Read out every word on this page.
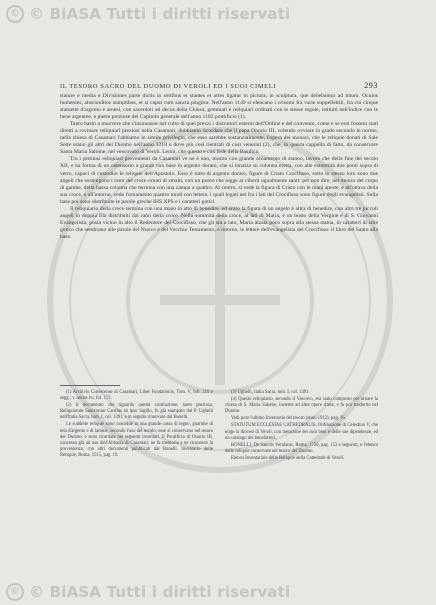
© © BiASA Tutti i diritti riservati
IL TESORO SACRO DEL DUOMO DI VEROLI ED I SUOI CIMELI	293

stature e media e Divisiones parte dictis in sertibus et stantes et artes ligatur in pictura, in sculptura, que debebantur ad imum. Oculos humentes, absconditos sumptibus, et si caput cum sancta pingitur. Nell'anno 1149 si elencano i crisomi fra varie suppellettili, fra cui cinque statuette d'argento e arnesi, con sacerdoti ad decus della Chiesa, gemmati e reliquiarî ordinati con le stesse regole, istituiti nell'indice con le bene argentee, e pietre preziose del Capitolo generale dell'anno 1182 pontificio (1).

Tanto bastò a muovere che s'insinuasse nel culto di quei prezzi i distruttori esterni dell'Ordine e del convento, come e se essi fossero stati diretti a rovinare reliquiarî preziosi nella Casamari, dobbiamo ricordare che il papa Onorio III, volendo ovviare in grado secondo le norme, nella chiesa di Casamari l'abbiamo in simile privilegio, che esso sarebbe sostanzialmente, l'opera dei monaci, che le reliquie donati di Sale Sette erano gli altri del Duomo nell'anno 1218 o dove più così rientrati di così venerati (2), che, in questa cappella di fatto, da conservare Santa Maria Salome, nel vescovato di Veroli. Leoni, che questo e con fede della Basilica.

Tra i preziosi reliquiarî provenienti da Casamari ve ne è uno, mozzo con grande ornamento di stanno, lavoro che della fine del secolo XII, e ha forma di un ostensorio a grandi con base in argento dorato, che si innalza su colonna eretta, con alle estremità due ponti sopra di vetro, capaci di custodire le reliquie dell'Apostolo. Esso è tutto di argento dorato, figure di Cristo Crocifisso, sotto lo stesso loro sono due angeli che sostengono i rami del croce ornati di smalti, con un pomo che regge ai ciborii ugualmente santi: per non dire, nel mezzo del corpo di gambe, della bassa colonna che termina con una zampa a quattro. Al centro, si vede la figura di Cristo con le mani aperte, e all'ottava della sua croce, e all'intorno, vede l'ornamento quattro tondi con lettere, i quali legati nei fra i lati del Crocifisso sono figure degli evangelisti. Sulla base poi sono distribuite le parole greche IHS XPS e i caratteri gotici.

Il reliquiario della croce termina con una mano in atto di benedire, ed entro la figura di un angelo è altra di benedire, con altri tre piccoli angeli in doppia fila distribuiti dai rami della croce. Nella sommità della croce, ai lati di Maria, è un busto della Vergine e di S. Giovanni Evangelista, posta vicino in alto il Redentore del Crocifisso, che gli sta a lato, Maria alzata poco sopra alla stessa statua, in caratteri di stile gotico che sembrano alle parole del Nuovo e del Vecchio Testamento, e intorno, le lettere dell'evangelista del Crocifisso: il libro del Santo alla base.

(1) Archivio Cistercense di Casamari, Liber Fundationis, Tom. V, foll. 210 e segg.; v. anche ivi, fol. 172.

(2) Il documento che riguarda questa costituzione, tanto preziosa, Reliquiarum Sanctorum Carolus ab ipso Sigillo, fu già stampato dal P. Ughelli nell'Italia Sacra, tom. I, col. 1391, e in seguito rinnovato dal Bonelli.

Le suddette reliquie sono custodite in una grande cassa di legno, guarnite di tela d'argento e di lamine, secondo l'uso del secolo; esse si conservano nel tesoro del Duomo, e sono ricordate nei seguenti inventari. Il Pontificio di Onorio III, concesso già ad uso dell'Abbazia di Casamari, ne fa memoria e ne riconosce la provenienza, con altri documenti pubblicati dal Bonelli. Inventario delle Reliquie, Roma, 1515, pag. 19.

(3) Ughelli, Italia Sacra, tom. I, col. 1391.

(4) Questo reliquiario, secondo il Vescovo, era stato composto per ornare la chiesa di S. Maria Salome, insieme ad altre opere d'arte, e fu poi trasferito nel Duomo.

Vedi pure l'ultimo Inventario del tesoro (anno 1912), pag. 16.

STATUTUM ECCLESIAE CATHEDRALIS: Ordinazione di Celestino V, che erige la diocesi di Veroli, con menzione dei suoi beni e delle sue dipendenze, ed un catalogo dei benefattori.

BONELLI, De Sanctis Verulanis, Roma, 1750, pag. 153 e seguenti, e l'elenco delle reliquie conservate nel tesoro del Duomo.

Elenco Inventariale delle Reliquie della Cattedrale di Veroli.

© © BiASA Tutti i diritti riservati
